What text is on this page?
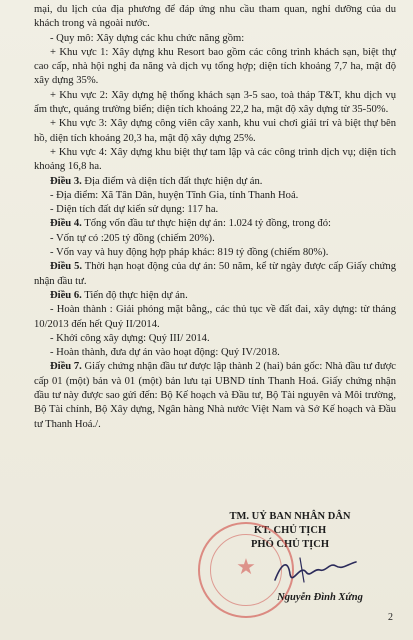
mại, du lịch của địa phương để đáp ứng nhu cầu tham quan, nghỉ dưỡng của du khách trong và ngoài nước.

- Quy mô: Xây dựng các khu chức năng gồm:

+ Khu vực 1: Xây dựng khu Resort bao gồm các công trình khách sạn, biệt thự cao cấp, nhà hội nghị đa năng và dịch vụ tổng hợp; diện tích khoảng 7,7 ha, mật độ xây dựng 35%.

+ Khu vực 2: Xây dựng hệ thống khách sạn 3-5 sao, toà tháp T&T, khu dịch vụ ẩm thực, quảng trường biển; diện tích khoảng 22,2 ha, mật độ xây dựng từ 35-50%.

+ Khu vực 3: Xây dựng công viên cây xanh, khu vui chơi giải trí và biệt thự bên hồ, diện tích khoảng 20,3 ha, mật độ xây dựng 25%.

+ Khu vực 4: Xây dựng khu biệt thự tam lập và các công trình dịch vụ; diện tích khoảng 16,8 ha.

Điều 3. Địa điểm và diện tích đất thực hiện dự án.

- Địa điểm: Xã Tân Dân, huyện Tĩnh Gia, tỉnh Thanh Hoá.

- Diện tích đất dự kiến sử dụng: 117 ha.

Điều 4. Tổng vốn đầu tư thực hiện dự án: 1.024 tỷ đồng, trong đó:

- Vốn tự có :205 tỷ đồng (chiếm 20%).

- Vốn vay và huy động hợp pháp khác: 819 tỷ đồng (chiếm 80%).

Điều 5. Thời hạn hoạt động của dự án: 50 năm, kể từ ngày được cấp Giấy chứng nhận đầu tư.

Điều 6. Tiến độ thực hiện dự án.

- Hoàn thành : Giải phóng mặt bằng,, các thủ tục về đất đai, xây dựng: từ tháng 10/2013 đến hết Quý II/2014.

- Khởi công xây dựng: Quý III/ 2014.

- Hoàn thành, đưa dự án vào hoạt động: Quý IV/2018.

Điều 7. Giấy chứng nhận đầu tư được lập thành 2 (hai) bản gốc: Nhà đầu tư được cấp 01 (một) bản và 01 (một) bản lưu tại UBND tỉnh Thanh Hoá. Giấy chứng nhận đầu tư này được sao gửi đến: Bộ Kế hoạch và Đầu tư, Bộ Tài nguyên và Môi trường, Bộ Tài chính, Bộ Xây dựng, Ngân hàng Nhà nước Việt Nam và Sở Kế hoạch và Đầu tư Thanh Hoá./.

TM. UỶ BAN NHÂN DÂN
KT. CHỦ TỊCH
PHÓ CHỦ TỊCH
★
Nguyễn Đình Xứng
2
